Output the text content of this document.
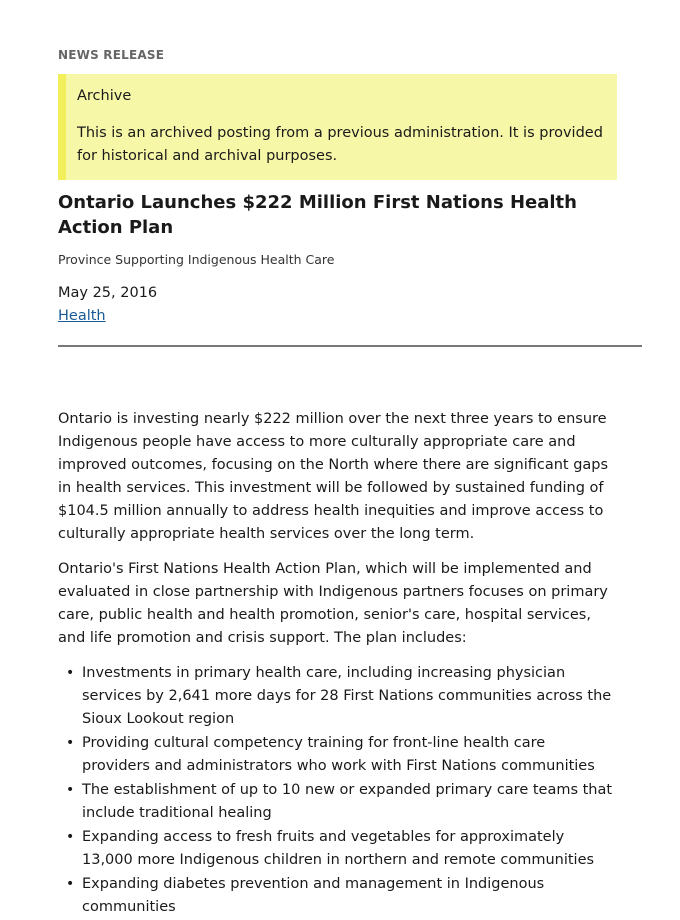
NEWS RELEASE

Archive

This is an archived posting from a previous administration. It is provided for historical and archival purposes.

Ontario Launches $222 Million First Nations Health Action Plan

Province Supporting Indigenous Health Care

May 25, 2016

Health

Ontario is investing nearly $222 million over the next three years to ensure Indigenous people have access to more culturally appropriate care and improved outcomes, focusing on the North where there are significant gaps in health services. This investment will be followed by sustained funding of $104.5 million annually to address health inequities and improve access to culturally appropriate health services over the long term.

Ontario's First Nations Health Action Plan, which will be implemented and evaluated in close partnership with Indigenous partners focuses on primary care, public health and health promotion, senior's care, hospital services, and life promotion and crisis support. The plan includes:

• Investments in primary health care, including increasing physician services by 2,641 more days for 28 First Nations communities across the Sioux Lookout region
• Providing cultural competency training for front-line health care providers and administrators who work with First Nations communities
• The establishment of up to 10 new or expanded primary care teams that include traditional healing
• Expanding access to fresh fruits and vegetables for approximately 13,000 more Indigenous children in northern and remote communities
• Expanding diabetes prevention and management in Indigenous communities
